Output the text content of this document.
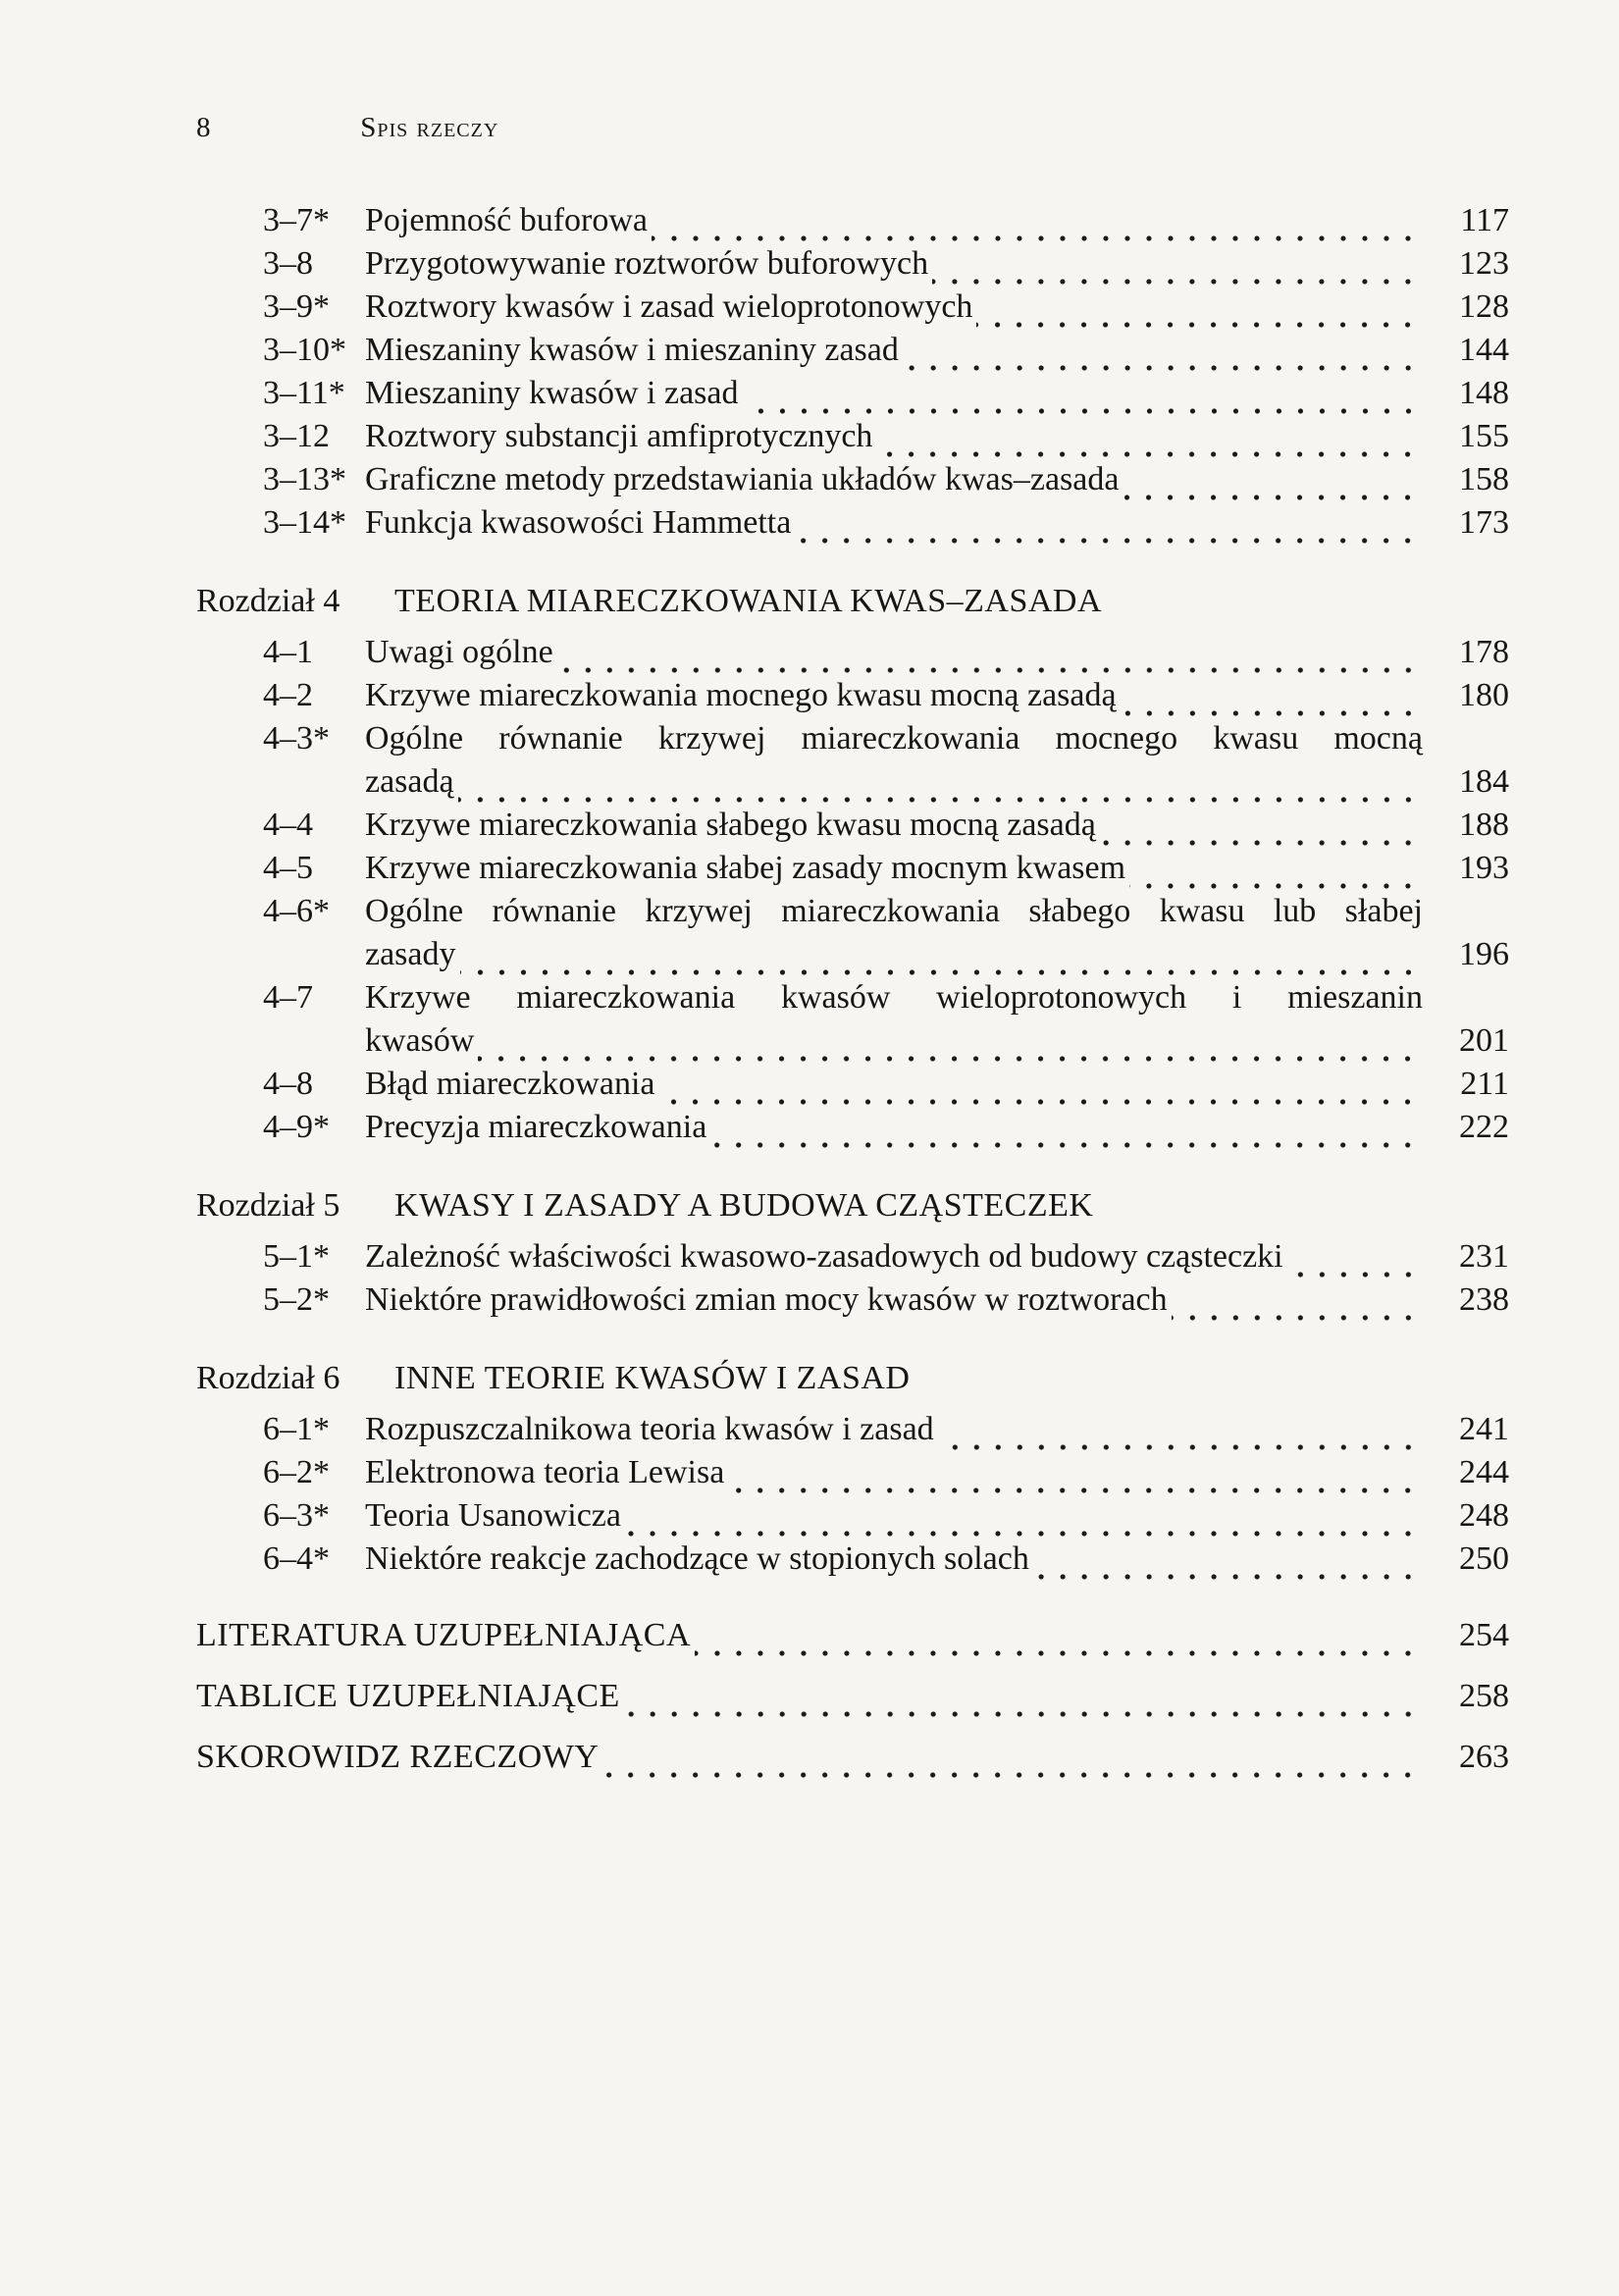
8	Spis rzeczy
3–7*	Pojemność buforowa	117
3–8	Przygotowywanie roztworów buforowych	123
3–9*	Roztwory kwasów i zasad wieloprotonowych	128
3–10* Mieszaniny kwasów i mieszaniny zasad	144
3–11* Mieszaniny kwasów i zasad	148
3–12	Roztwory substancji amfiprotycznych	155
3–13* Graficzne metody przedstawiania układów kwas–zasada	158
3–14* Funkcja kwasowości Hammetta	173
Rozdział 4 TEORIA MIARECZKOWANIA KWAS–ZASADA
4–1	Uwagi ogólne	178
4–2	Krzywe miareczkowania mocnego kwasu mocną zasadą	180
4–3*	Ogólne równanie krzywej miareczkowania mocnego kwasu mocną
zasadą	184
4–4	Krzywe miareczkowania słabego kwasu mocną zasadą	188
4–5	Krzywe miareczkowania słabej zasady mocnym kwasem	193
4–6*	Ogólne równanie krzywej miareczkowania słabego kwasu lub słabej
zasady	196
4–7	Krzywe miareczkowania kwasów wieloprotonowych i mieszanin
kwasów	201
4–8	Błąd miareczkowania	211
4–9*	Precyzja miareczkowania	222
Rozdział 5 KWASY I ZASADY A BUDOWA CZĄSTECZEK
5–1*	Zależność właściwości kwasowo-zasadowych od budowy cząsteczki	231
5–2*	Niektóre prawidłowości zmian mocy kwasów w roztworach	238
Rozdział 6 INNE TEORIE KWASÓW I ZASAD
6–1*	Rozpuszczalnikowa teoria kwasów i zasad	241
6–2*	Elektronowa teoria Lewisa	244
6–3*	Teoria Usanowicza	248
6–4*	Niektóre reakcje zachodzące w stopionych solach	250
LITERATURA UZUPEŁNIAJĄCA	254
TABLICE UZUPEŁNIAJĄCE	258
SKOROWIDZ RZECZOWY	263
